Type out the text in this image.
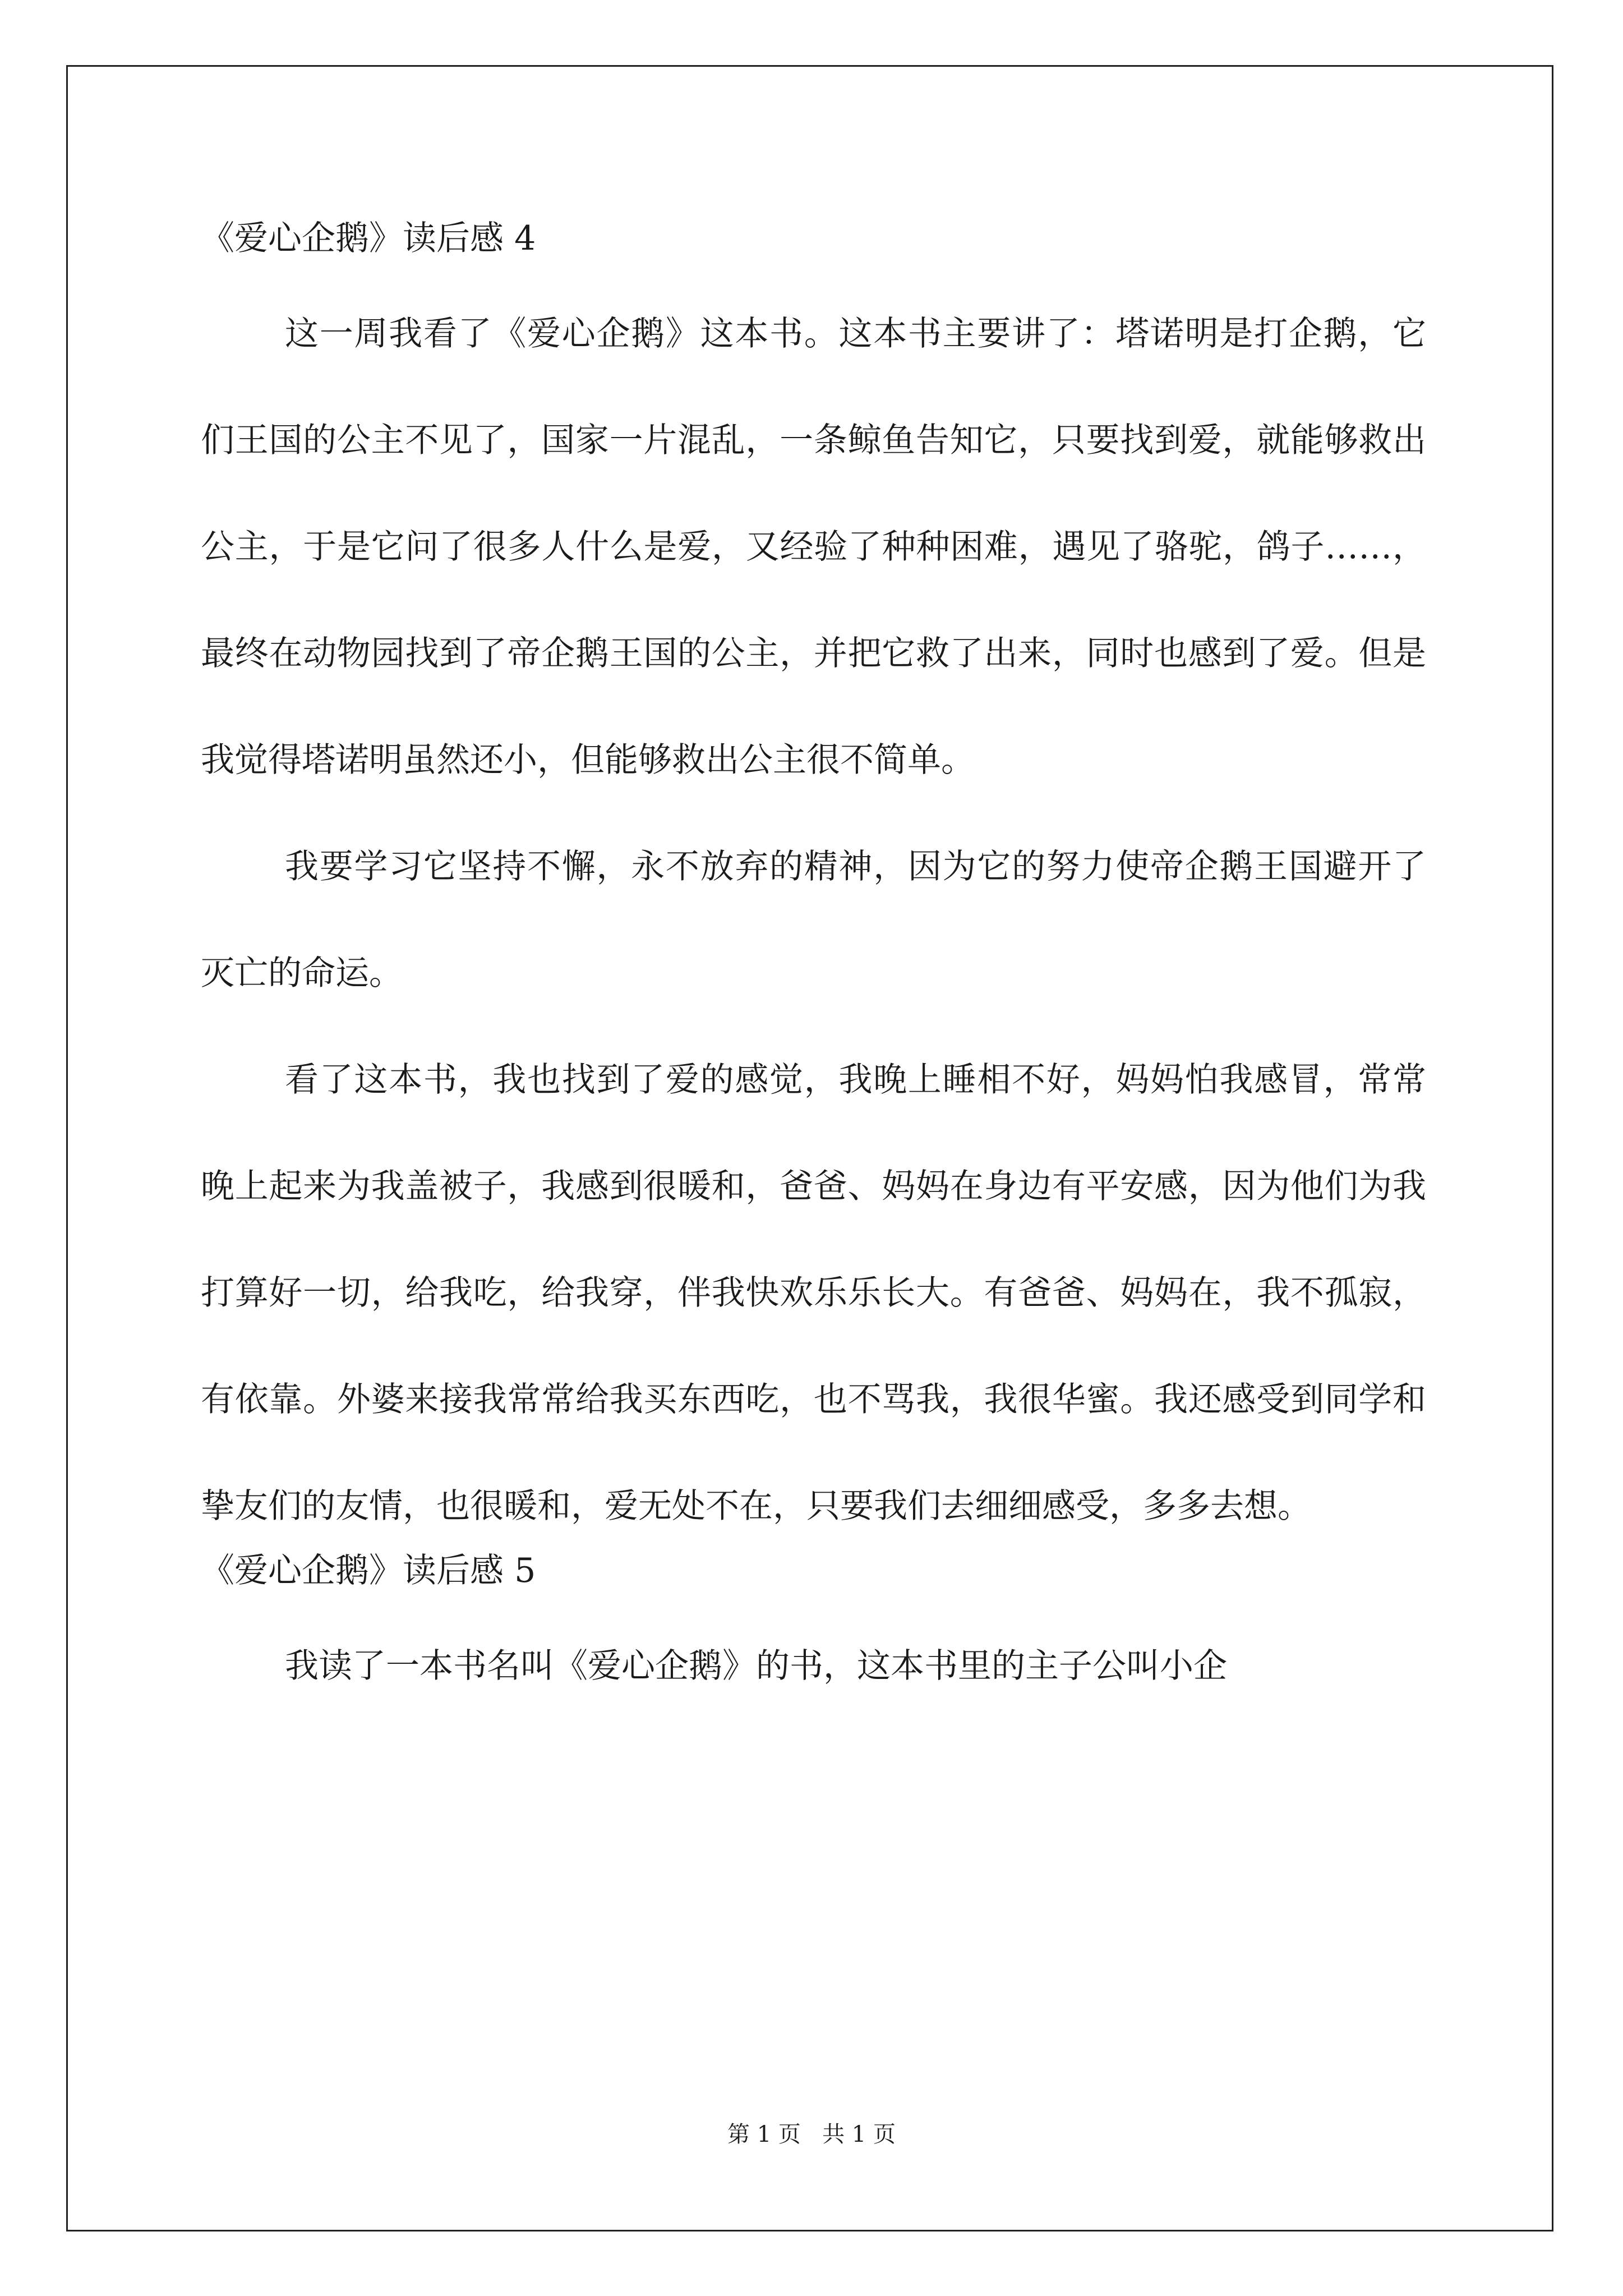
《爱心企鹅》读后感 4

这一周我看了《爱心企鹅》这本书。这本书主要讲了：塔诺明是打企鹅，它们王国的公主不见了，国家一片混乱，一条鲸鱼告知它，只要找到爱，就能够救出公主，于是它问了很多人什么是爱，又经验了种种困难，遇见了骆驼，鸽子……，最终在动物园找到了帝企鹅王国的公主，并把它救了出来，同时也感到了爱。但是我觉得塔诺明虽然还小，但能够救出公主很不简单。

我要学习它坚持不懈，永不放弃的精神，因为它的努力使帝企鹅王国避开了灭亡的命运。

看了这本书，我也找到了爱的感觉，我晚上睡相不好，妈妈怕我感冒，常常晚上起来为我盖被子，我感到很暖和，爸爸、妈妈在身边有平安感，因为他们为我打算好一切，给我吃，给我穿，伴我快欢乐乐长大。有爸爸、妈妈在，我不孤寂，有依靠。外婆来接我常常给我买东西吃，也不骂我，我很华蜜。我还感受到同学和挚友们的友情，也很暖和，爱无处不在，只要我们去细细感受，多多去想。

《爱心企鹅》读后感 5

我读了一本书名叫《爱心企鹅》的书，这本书里的主子公叫小企

第 1 页   共 1 页
